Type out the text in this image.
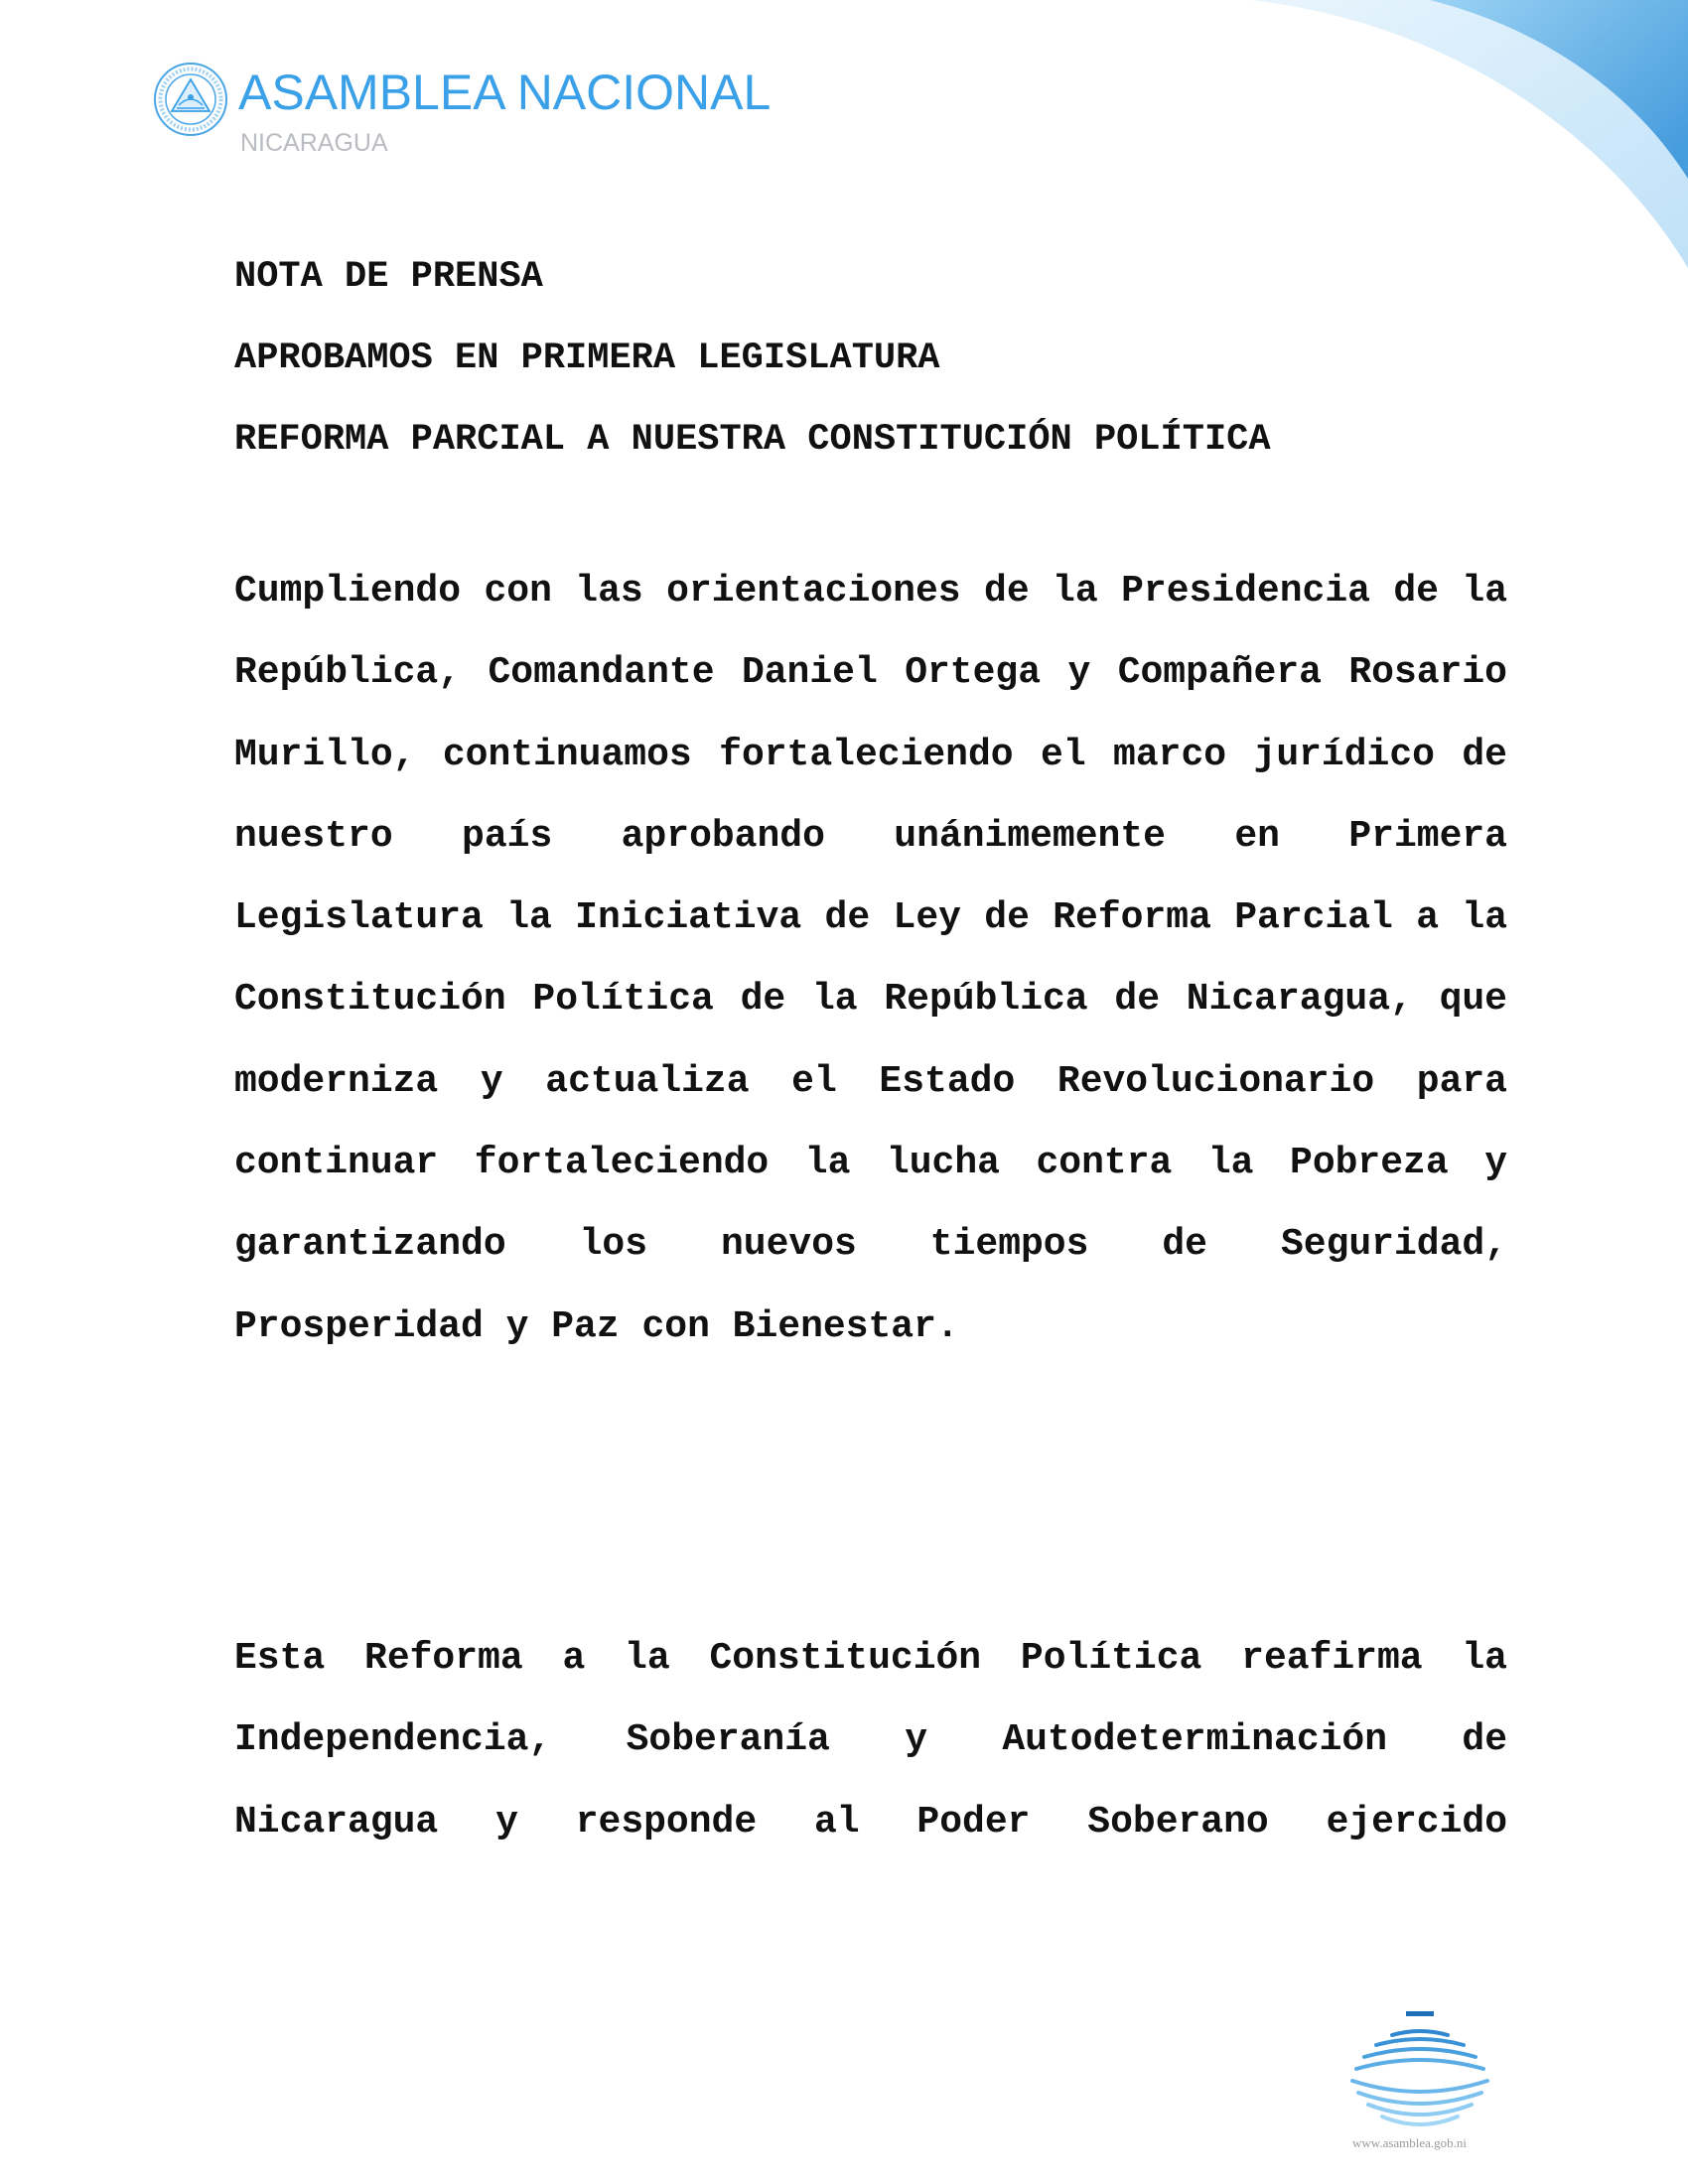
ASAMBLEA NACIONAL
NICARAGUA
NOTA DE PRENSA
APROBAMOS EN PRIMERA LEGISLATURA
REFORMA PARCIAL A NUESTRA CONSTITUCIÓN POLÍTICA

Cumpliendo con las orientaciones de la Presidencia de la República, Comandante Daniel Ortega y Compañera Rosario Murillo, continuamos fortaleciendo el marco jurídico de nuestro país aprobando unánimemente en Primera Legislatura la Iniciativa de Ley de Reforma Parcial a la Constitución Política de la República de Nicaragua, que moderniza y actualiza el Estado Revolucionario para continuar fortaleciendo la lucha contra la Pobreza y garantizando los nuevos tiempos de Seguridad, Prosperidad y Paz con Bienestar.

Esta Reforma a la Constitución Política reafirma la Independencia, Soberanía y Autodeterminación de Nicaragua y responde al Poder Soberano ejercido

www.asamblea.gob.ni
